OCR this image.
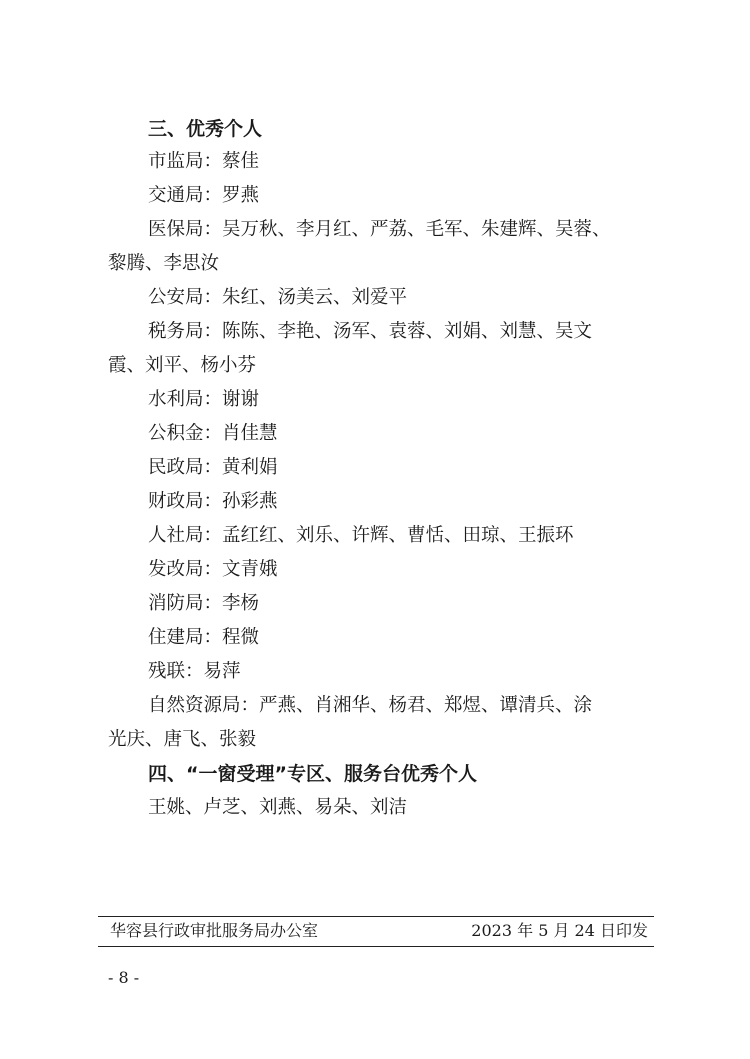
三、优秀个人
市监局：蔡佳
交通局：罗燕
医保局：吴万秋、李月红、严荔、毛军、朱建辉、吴蓉、
黎腾、李思汝
公安局：朱红、汤美云、刘爱平
税务局：陈陈、李艳、汤军、袁蓉、刘娟、刘慧、吴文
霞、刘平、杨小芬
水利局：谢谢
公积金：肖佳慧
民政局：黄利娟
财政局：孙彩燕
人社局：孟红红、刘乐、许辉、曹恬、田琼、王振环
发改局：文青娥
消防局：李杨
住建局：程微
残联：易萍
自然资源局：严燕、肖湘华、杨君、郑煜、谭清兵、涂
光庆、唐飞、张毅
四、“一窗受理”专区、服务台优秀个人
王姚、卢芝、刘燕、易朵、刘洁
华容县行政审批服务局办公室	2023 年 5 月 24 日印发
- 8 -
